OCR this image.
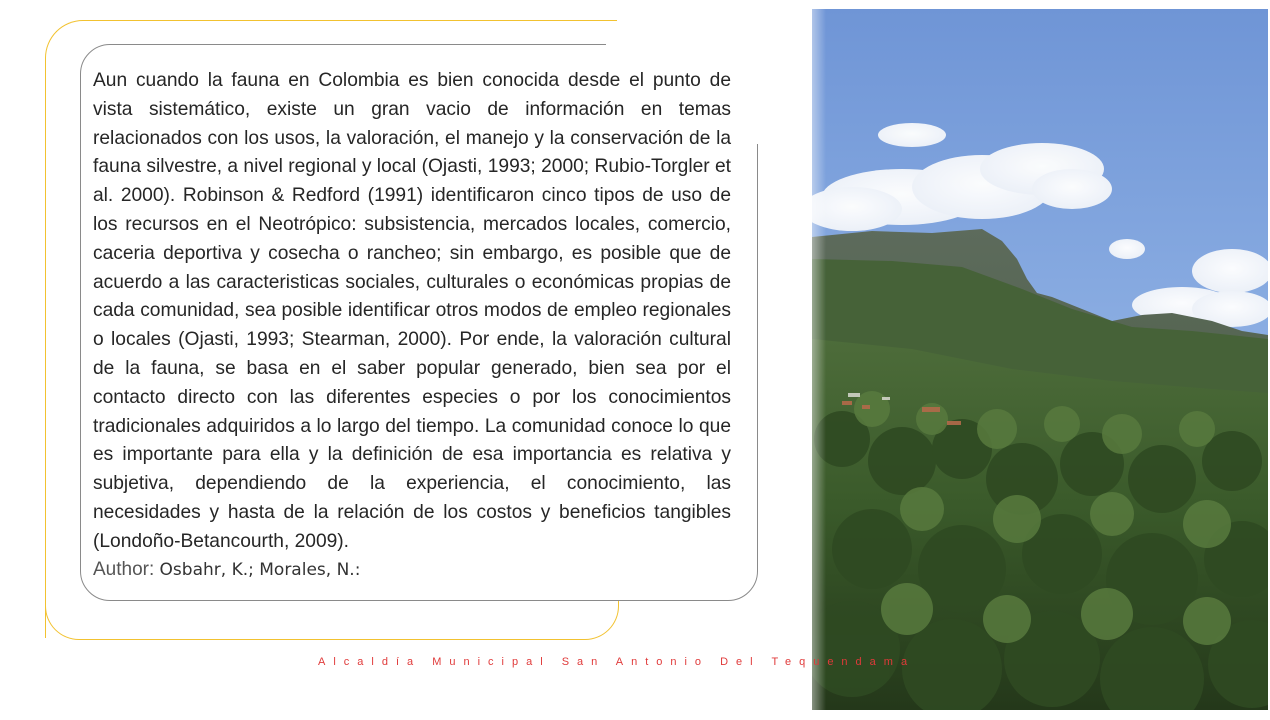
Aun cuando la fauna en Colombia es bien conocida desde el punto de vista sistemático, existe un gran vacio de información en temas relacionados con los usos, la valoración, el manejo y la conservación de la fauna silvestre, a nivel regional y local (Ojasti, 1993; 2000; Rubio-Torgler et al. 2000). Robinson & Redford (1991) identificaron cinco tipos de uso de los recursos en el Neotrópico: subsistencia, mercados locales, comercio, caceria deportiva y cosecha o rancheo; sin embargo, es posible que de acuerdo a las caracteristicas sociales, culturales o económicas propias de cada comunidad, sea posible identificar otros modos de empleo regionales o locales (Ojasti, 1993; Stearman, 2000). Por ende, la valoración cultural de la fauna, se basa en el saber popular generado, bien sea por el contacto directo con las diferentes especies o por los conocimientos tradicionales adquiridos a lo largo del tiempo. La comunidad conoce lo que es importante para ella y la definición de esa importancia es relativa y subjetiva, dependiendo de la experiencia, el conocimiento, las necesidades y hasta de la relación de los costos y beneficios tangibles (Londoño-Betancourth, 2009).

Author: Osbahr, K.; Morales, N.:

Alcaldía Municipal San Antonio Del Tequendama
